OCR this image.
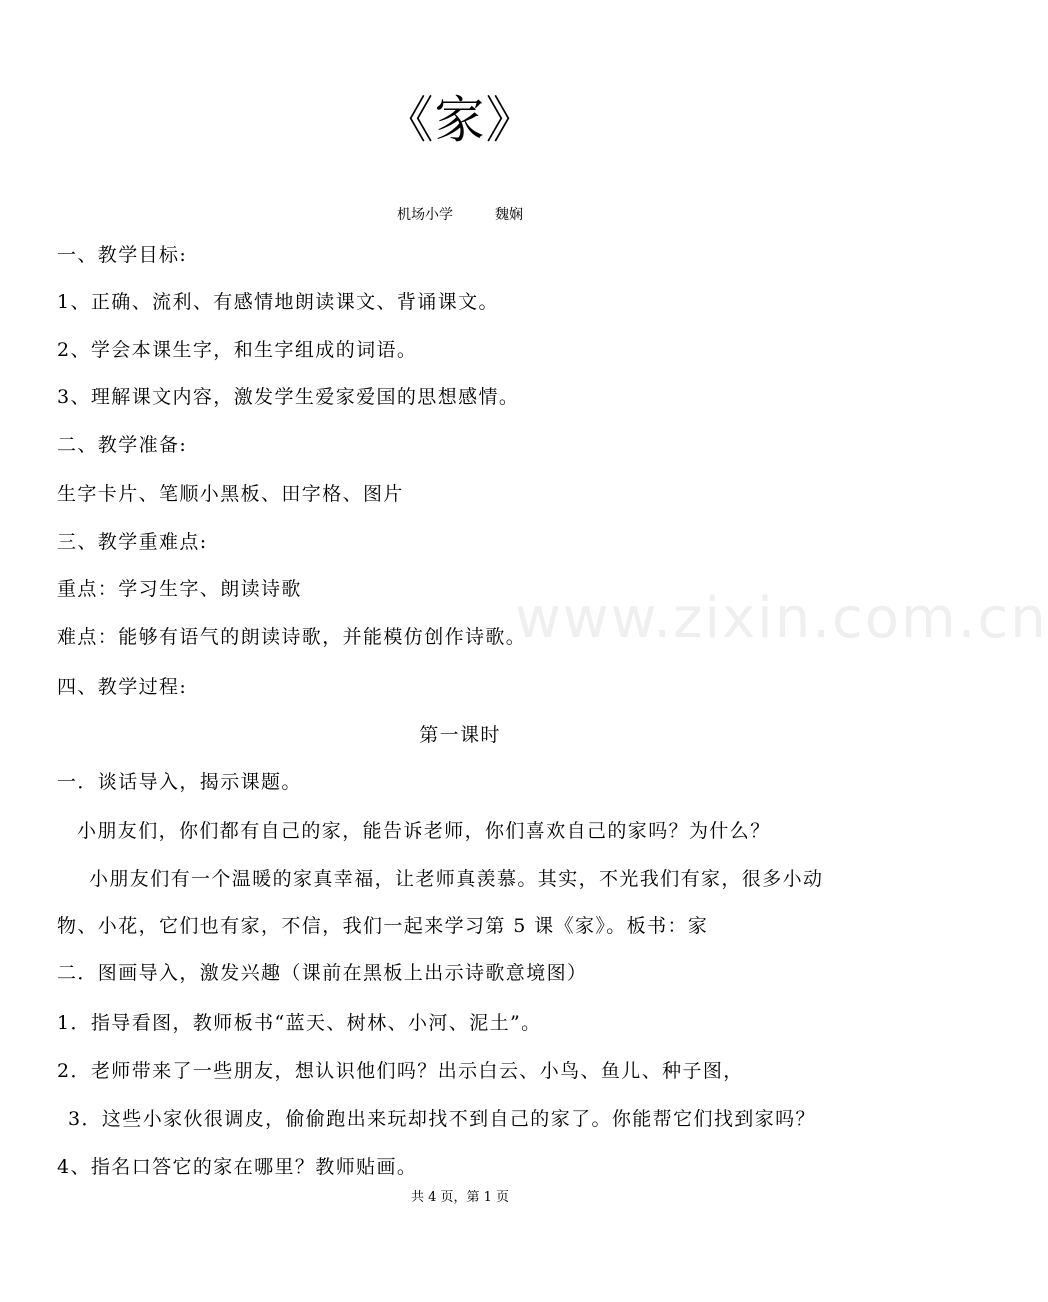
《家》
机场小学	魏娴
一、教学目标:
1、正确、流利、有感情地朗读课文、背诵课文。
2、学会本课生字，和生字组成的词语。
3、理解课文内容，激发学生爱家爱国的思想感情。
二、教学准备:
生字卡片、笔顺小黑板、田字格、图片
三、教学重难点:
重点：学习生字、朗读诗歌
难点：能够有语气的朗读诗歌，并能模仿创作诗歌。
四、教学过程:
第一课时
一．谈话导入，揭示课题。
小朋友们，你们都有自己的家，能告诉老师，你们喜欢自己的家吗？为什么？
小朋友们有一个温暖的家真幸福，让老师真羡慕。其实，不光我们有家，很多小动
物、小花，它们也有家，不信，我们一起来学习第 5 课《家》。板书：家
二．图画导入，激发兴趣（课前在黑板上出示诗歌意境图）
1．指导看图，教师板书“蓝天、树林、小河、泥土”。
2．老师带来了一些朋友，想认识他们吗？出示白云、小鸟、鱼儿、种子图，
3．这些小家伙很调皮，偷偷跑出来玩却找不到自己的家了。你能帮它们找到家吗？
4、指名口答它的家在哪里？教师贴画。
www.zixin.com.cn
共 4 页，第 1 页
